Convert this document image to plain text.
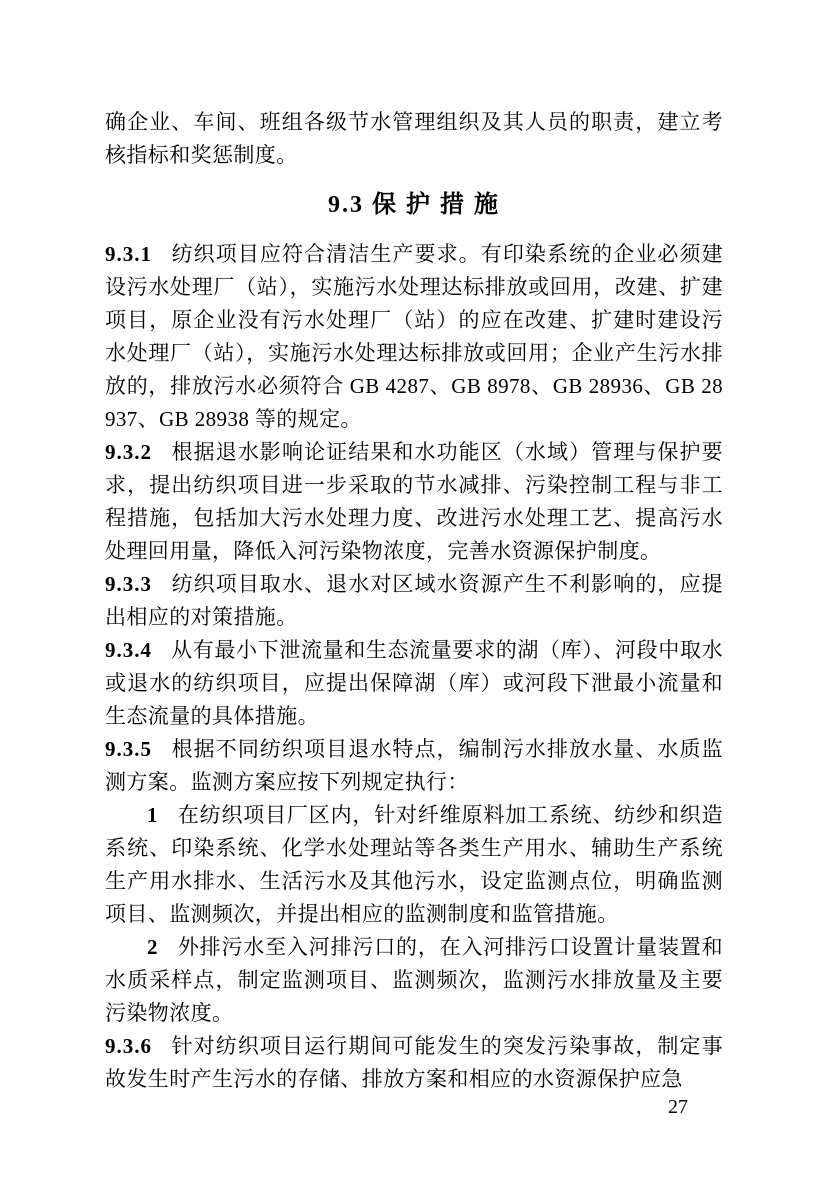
确企业、车间、班组各级节水管理组织及其人员的职责，建立考核指标和奖惩制度。

9.3 保 护 措 施

9.3.1 纺织项目应符合清洁生产要求。有印染系统的企业必须建设污水处理厂（站），实施污水处理达标排放或回用，改建、扩建项目，原企业没有污水处理厂（站）的应在改建、扩建时建设污水处理厂（站），实施污水处理达标排放或回用；企业产生污水排放的，排放污水必须符合 GB 4287、GB 8978、GB 28936、GB 28937、GB 28938 等的规定。

9.3.2 根据退水影响论证结果和水功能区（水域）管理与保护要求，提出纺织项目进一步采取的节水减排、污染控制工程与非工程措施，包括加大污水处理力度、改进污水处理工艺、提高污水处理回用量，降低入河污染物浓度，完善水资源保护制度。

9.3.3 纺织项目取水、退水对区域水资源产生不利影响的，应提出相应的对策措施。

9.3.4 从有最小下泄流量和生态流量要求的湖（库）、河段中取水或退水的纺织项目，应提出保障湖（库）或河段下泄最小流量和生态流量的具体措施。

9.3.5 根据不同纺织项目退水特点，编制污水排放水量、水质监测方案。监测方案应按下列规定执行：

1 在纺织项目厂区内，针对纤维原料加工系统、纺纱和织造系统、印染系统、化学水处理站等各类生产用水、辅助生产系统生产用水排水、生活污水及其他污水，设定监测点位，明确监测项目、监测频次，并提出相应的监测制度和监管措施。

2 外排污水至入河排污口的，在入河排污口设置计量装置和水质采样点，制定监测项目、监测频次，监测污水排放量及主要污染物浓度。

9.3.6 针对纺织项目运行期间可能发生的突发污染事故，制定事故发生时产生污水的存储、排放方案和相应的水资源保护应急

27
